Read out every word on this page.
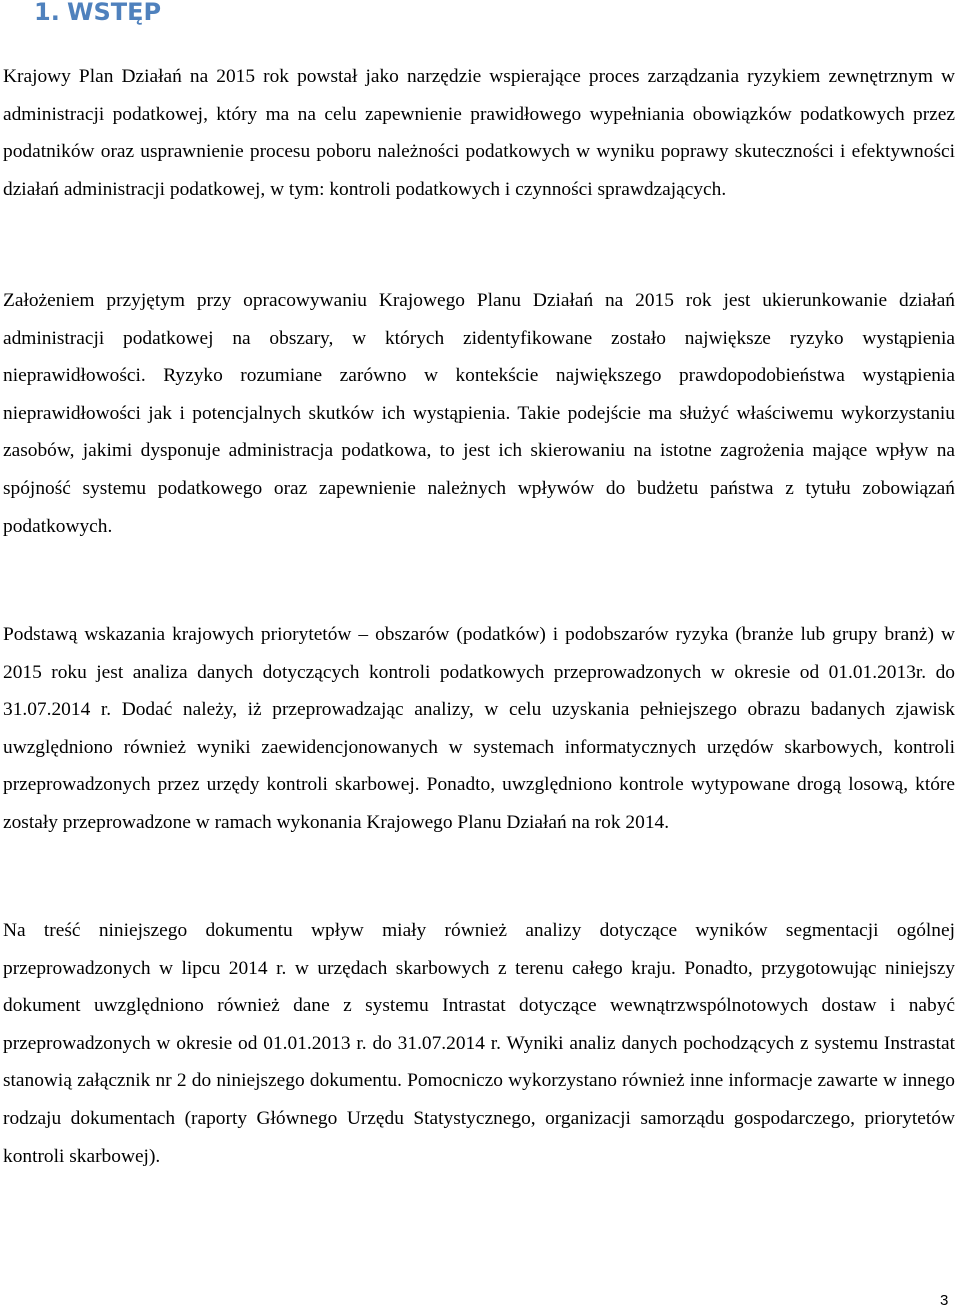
1. WSTĘP

Krajowy Plan Działań na 2015 rok powstał jako narzędzie wspierające proces zarządzania ryzykiem zewnętrznym w administracji podatkowej, który ma na celu zapewnienie prawidłowego wypełniania obowiązków podatkowych przez podatników oraz usprawnienie procesu poboru należności podatkowych w wyniku poprawy skuteczności i efektywności działań administracji podatkowej, w tym: kontroli podatkowych i czynności sprawdzających.

Założeniem przyjętym przy opracowywaniu Krajowego Planu Działań na 2015 rok jest ukierunkowanie działań administracji podatkowej na obszary, w których zidentyfikowane zostało największe ryzyko wystąpienia nieprawidłowości. Ryzyko rozumiane zarówno w kontekście największego prawdopodobieństwa wystąpienia nieprawidłowości jak i potencjalnych skutków ich wystąpienia. Takie podejście ma służyć właściwemu wykorzystaniu zasobów, jakimi dysponuje administracja podatkowa, to jest ich skierowaniu na istotne zagrożenia mające wpływ na spójność systemu podatkowego oraz zapewnienie należnych wpływów do budżetu państwa z tytułu zobowiązań podatkowych.

Podstawą wskazania krajowych priorytetów – obszarów (podatków) i podobszarów ryzyka (branże lub grupy branż) w 2015 roku jest analiza danych dotyczących kontroli podatkowych przeprowadzonych w okresie od 01.01.2013r. do 31.07.2014 r. Dodać należy, iż przeprowadzając analizy, w celu uzyskania pełniejszego obrazu badanych zjawisk uwzględniono również wyniki zaewidencjonowanych w systemach informatycznych urzędów skarbowych, kontroli przeprowadzonych przez urzędy kontroli skarbowej. Ponadto, uwzględniono kontrole wytypowane drogą losową, które zostały przeprowadzone w ramach wykonania Krajowego Planu Działań na rok 2014.

Na treść niniejszego dokumentu wpływ miały również analizy dotyczące wyników segmentacji ogólnej przeprowadzonych w lipcu 2014 r. w urzędach skarbowych z terenu całego kraju. Ponadto, przygotowując niniejszy dokument uwzględniono również dane z systemu Intrastat dotyczące wewnątrzwspólnotowych dostaw i nabyć przeprowadzonych w okresie od 01.01.2013 r. do 31.07.2014 r. Wyniki analiz danych pochodzących z systemu Instrastat stanowią załącznik nr 2 do niniejszego dokumentu. Pomocniczo wykorzystano również inne informacje zawarte w innego rodzaju dokumentach (raporty Głównego Urzędu Statystycznego, organizacji samorządu gospodarczego, priorytetów kontroli skarbowej).

3
